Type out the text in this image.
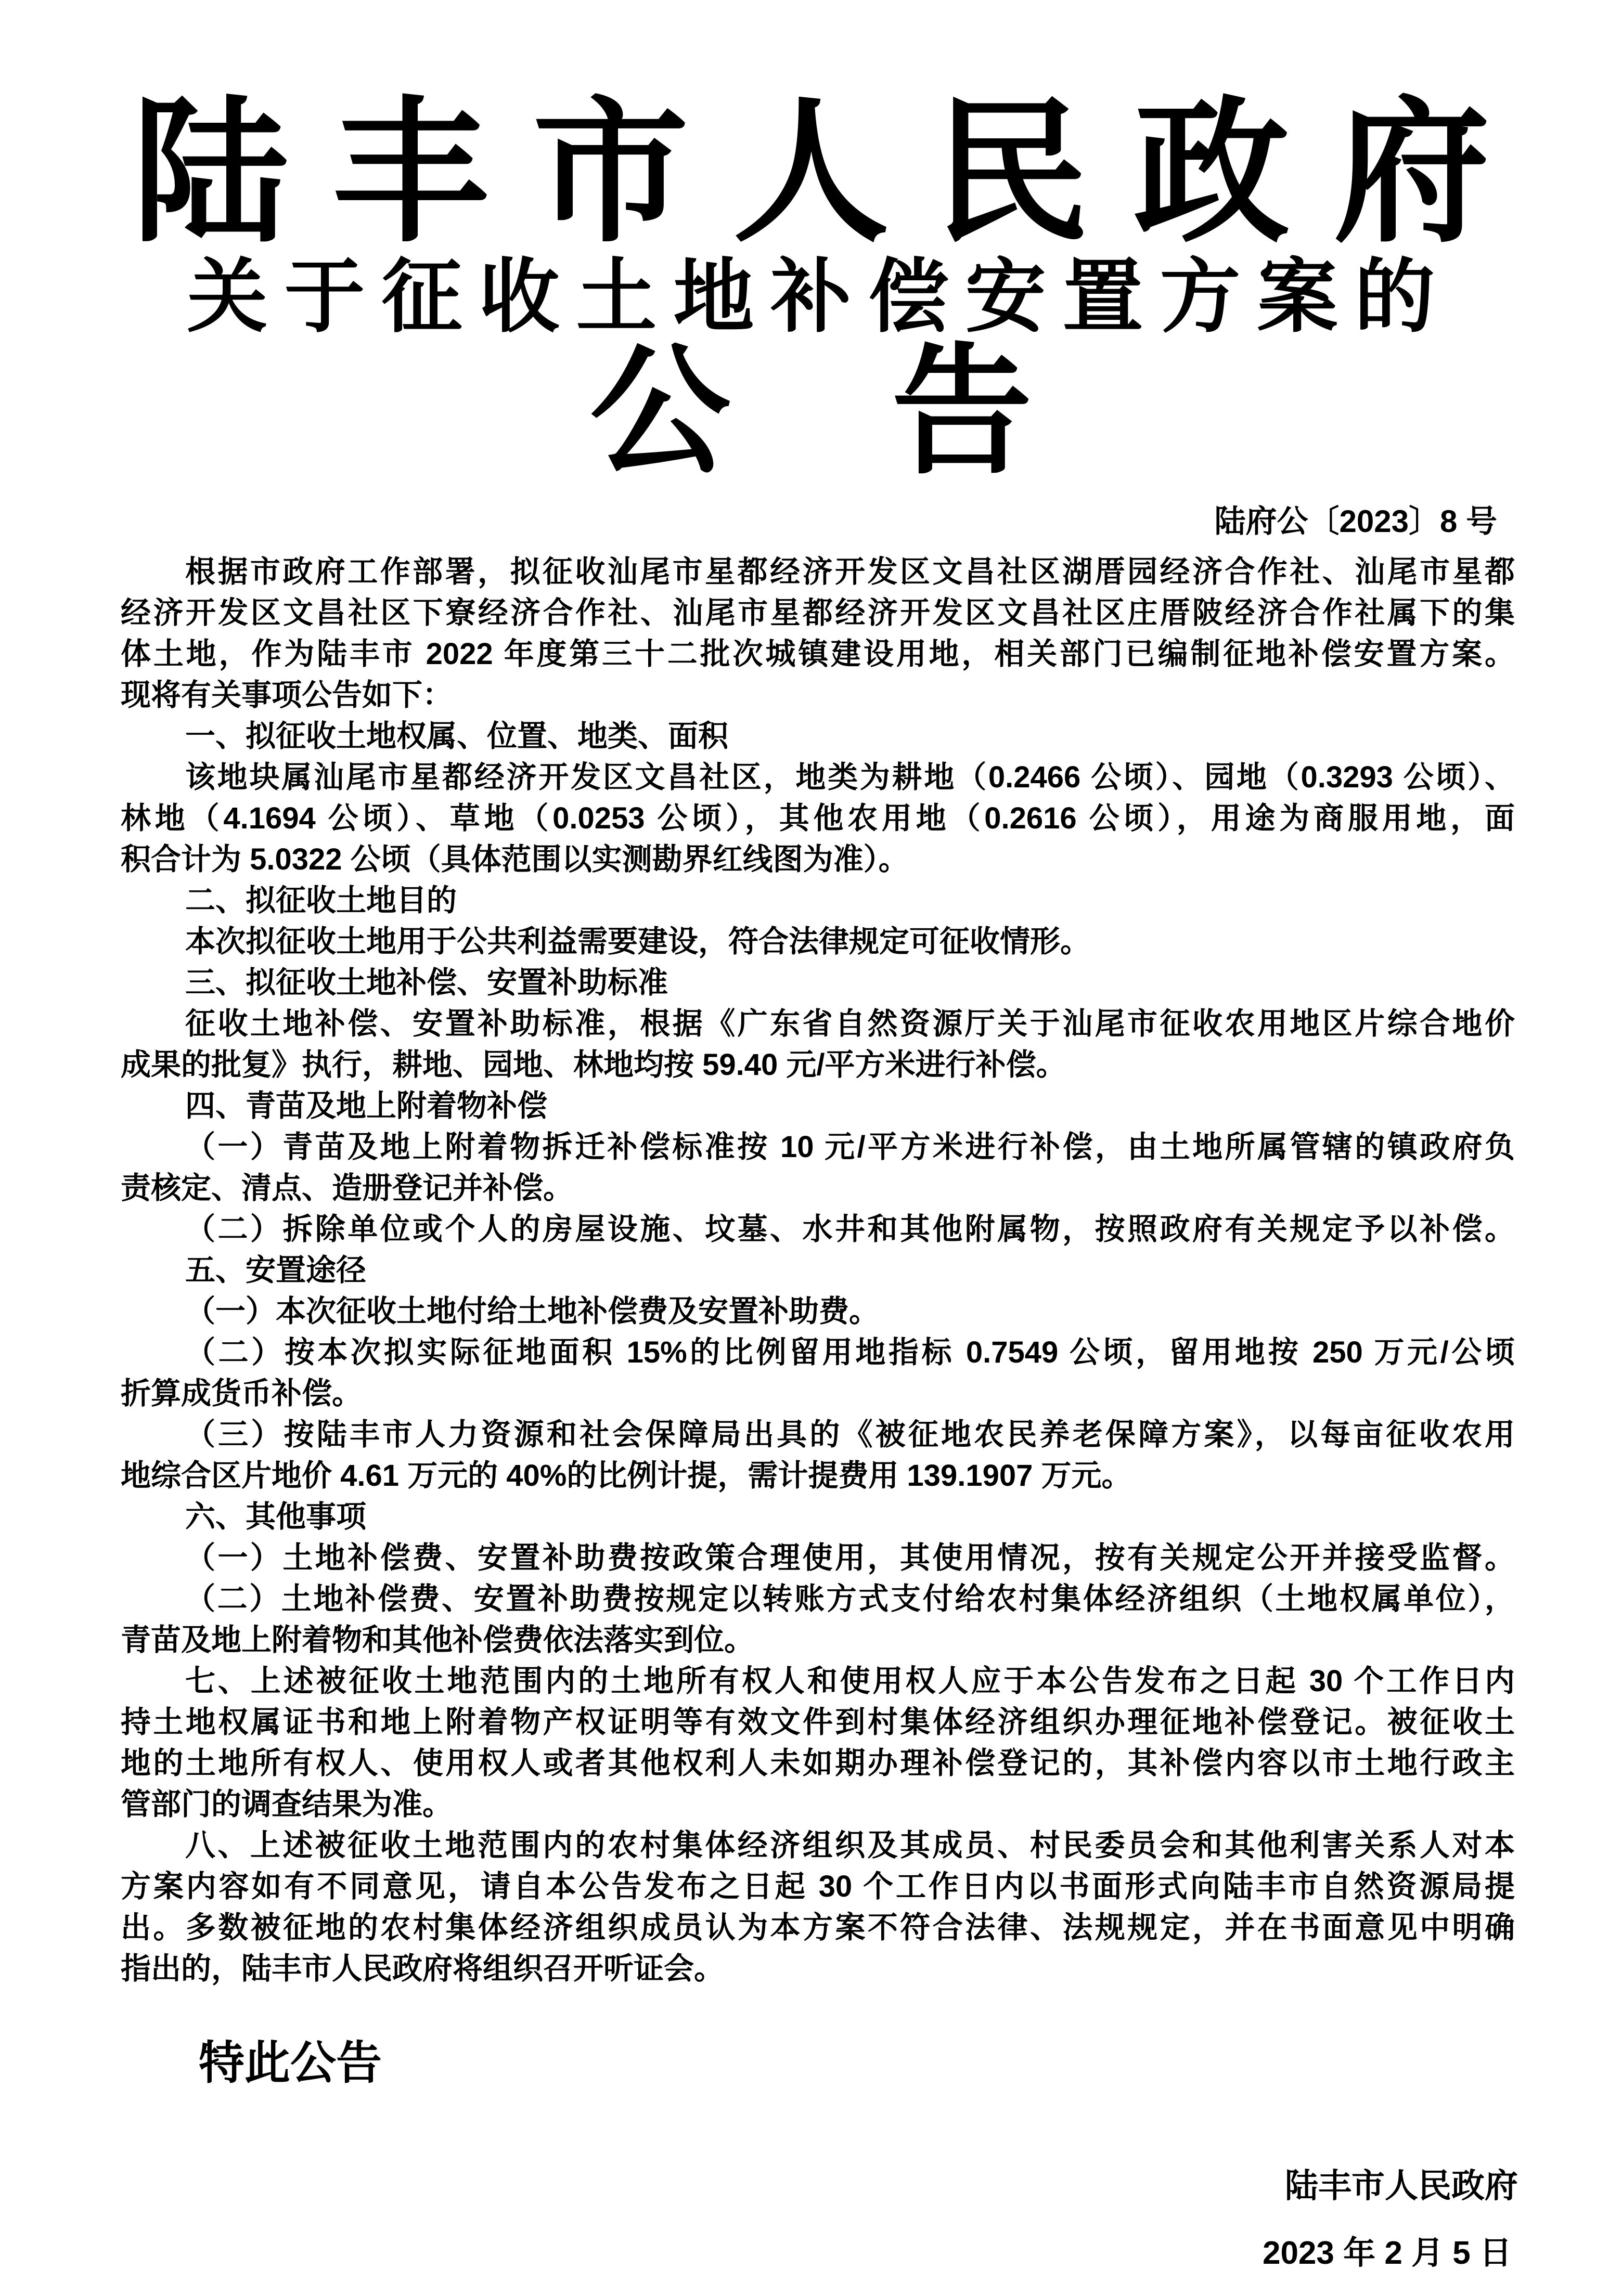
陆丰市人民政府
关于征收土地补偿安置方案的
公　告
陆府公〔2023〕8 号
根据市政府工作部署，拟征收汕尾市星都经济开发区文昌社区湖厝园经济合作社、汕尾市星都
经济开发区文昌社区下寮经济合作社、汕尾市星都经济开发区文昌社区庄厝陂经济合作社属下的集
体土地，作为陆丰市 2022 年度第三十二批次城镇建设用地，相关部门已编制征地补偿安置方案。
现将有关事项公告如下：
一、拟征收土地权属、位置、地类、面积
该地块属汕尾市星都经济开发区文昌社区，地类为耕地（0.2466 公顷）、园地（0.3293 公顷）、
林地（4.1694 公顷）、草地（0.0253 公顷），其他农用地（0.2616 公顷），用途为商服用地，面
积合计为 5.0322 公顷（具体范围以实测勘界红线图为准）。
二、拟征收土地目的
本次拟征收土地用于公共利益需要建设，符合法律规定可征收情形。
三、拟征收土地补偿、安置补助标准
征收土地补偿、安置补助标准，根据《广东省自然资源厅关于汕尾市征收农用地区片综合地价
成果的批复》执行，耕地、园地、林地均按 59.40 元/平方米进行补偿。
四、青苗及地上附着物补偿
（一）青苗及地上附着物拆迁补偿标准按 10 元/平方米进行补偿，由土地所属管辖的镇政府负
责核定、清点、造册登记并补偿。
（二）拆除单位或个人的房屋设施、坟墓、水井和其他附属物，按照政府有关规定予以补偿。
五、安置途径
（一）本次征收土地付给土地补偿费及安置补助费。
（二）按本次拟实际征地面积 15%的比例留用地指标 0.7549 公顷，留用地按 250 万元/公顷
折算成货币补偿。
（三）按陆丰市人力资源和社会保障局出具的《被征地农民养老保障方案》，以每亩征收农用
地综合区片地价 4.61 万元的 40%的比例计提，需计提费用 139.1907 万元。
六、其他事项
（一）土地补偿费、安置补助费按政策合理使用，其使用情况，按有关规定公开并接受监督。
（二）土地补偿费、安置补助费按规定以转账方式支付给农村集体经济组织（土地权属单位），
青苗及地上附着物和其他补偿费依法落实到位。
七、上述被征收土地范围内的土地所有权人和使用权人应于本公告发布之日起 30 个工作日内
持土地权属证书和地上附着物产权证明等有效文件到村集体经济组织办理征地补偿登记。被征收土
地的土地所有权人、使用权人或者其他权利人未如期办理补偿登记的，其补偿内容以市土地行政主
管部门的调查结果为准。
八、上述被征收土地范围内的农村集体经济组织及其成员、村民委员会和其他利害关系人对本
方案内容如有不同意见，请自本公告发布之日起 30 个工作日内以书面形式向陆丰市自然资源局提
出。多数被征地的农村集体经济组织成员认为本方案不符合法律、法规规定，并在书面意见中明确
指出的，陆丰市人民政府将组织召开听证会。
特此公告
陆丰市人民政府
2023 年 2 月 5 日
